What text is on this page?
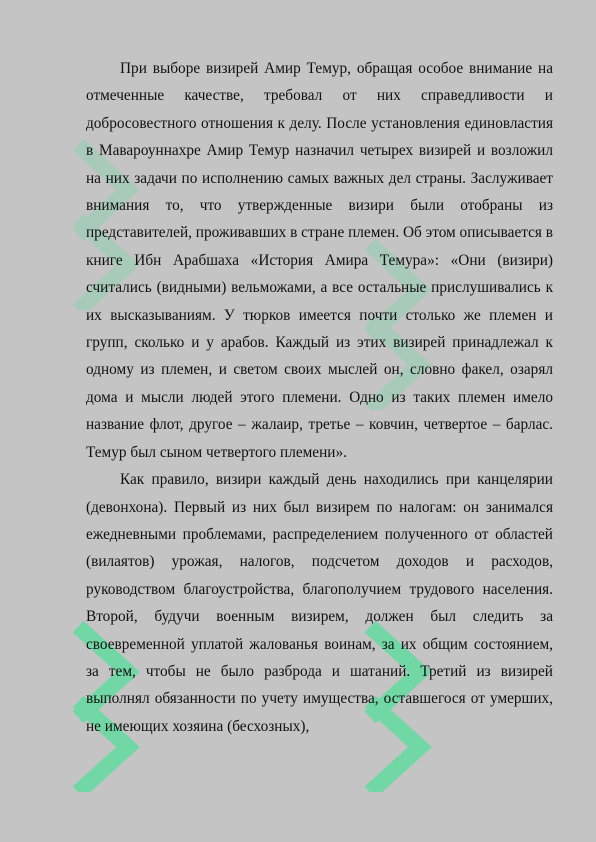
При выборе визирей Амир Темур, обращая особое внимание на отмеченные качестве, требовал от них справедливости и добросовестного отношения к делу. После установления единовластия в Мавароуннахре Амир Темур назначил четырех визирей и возложил на них задачи по исполнению самых важных дел страны. Заслуживает внимания то, что утвержденные визири были отобраны из представителей, проживавших в стране племен. Об этом описывается в книге Ибн Арабшаха «История Амира Темура»: «Они (визири) считались (видными) вельможами, а все остальные прислушивались к их высказываниям. У тюрков имеется почти столько же племен и групп, сколько и у арабов. Каждый из этих визирей принадлежал к одному из племен, и светом своих мыслей он, словно факел, озарял дома и мысли людей этого племени. Одно из таких племен имело название флот, другое – жалаир, третье – ковчин, четвертое – барлас. Темур был сыном четвертого племени».

Как правило, визири каждый день находились при канцелярии (девонхона). Первый из них был визирем по налогам: он занимался ежедневными проблемами, распределением полученного от областей (вилаятов) урожая, налогов, подсчетом доходов и расходов, руководством благоустройства, благополучием трудового населения. Второй, будучи военным визирем, должен был следить за своевременной уплатой жалованья воинам, за их общим состоянием, за тем, чтобы не было разброда и шатаний. Третий из визирей выполнял обязанности по учету имущества, оставшегося от умерших, не имеющих хозяина (бесхозных),
